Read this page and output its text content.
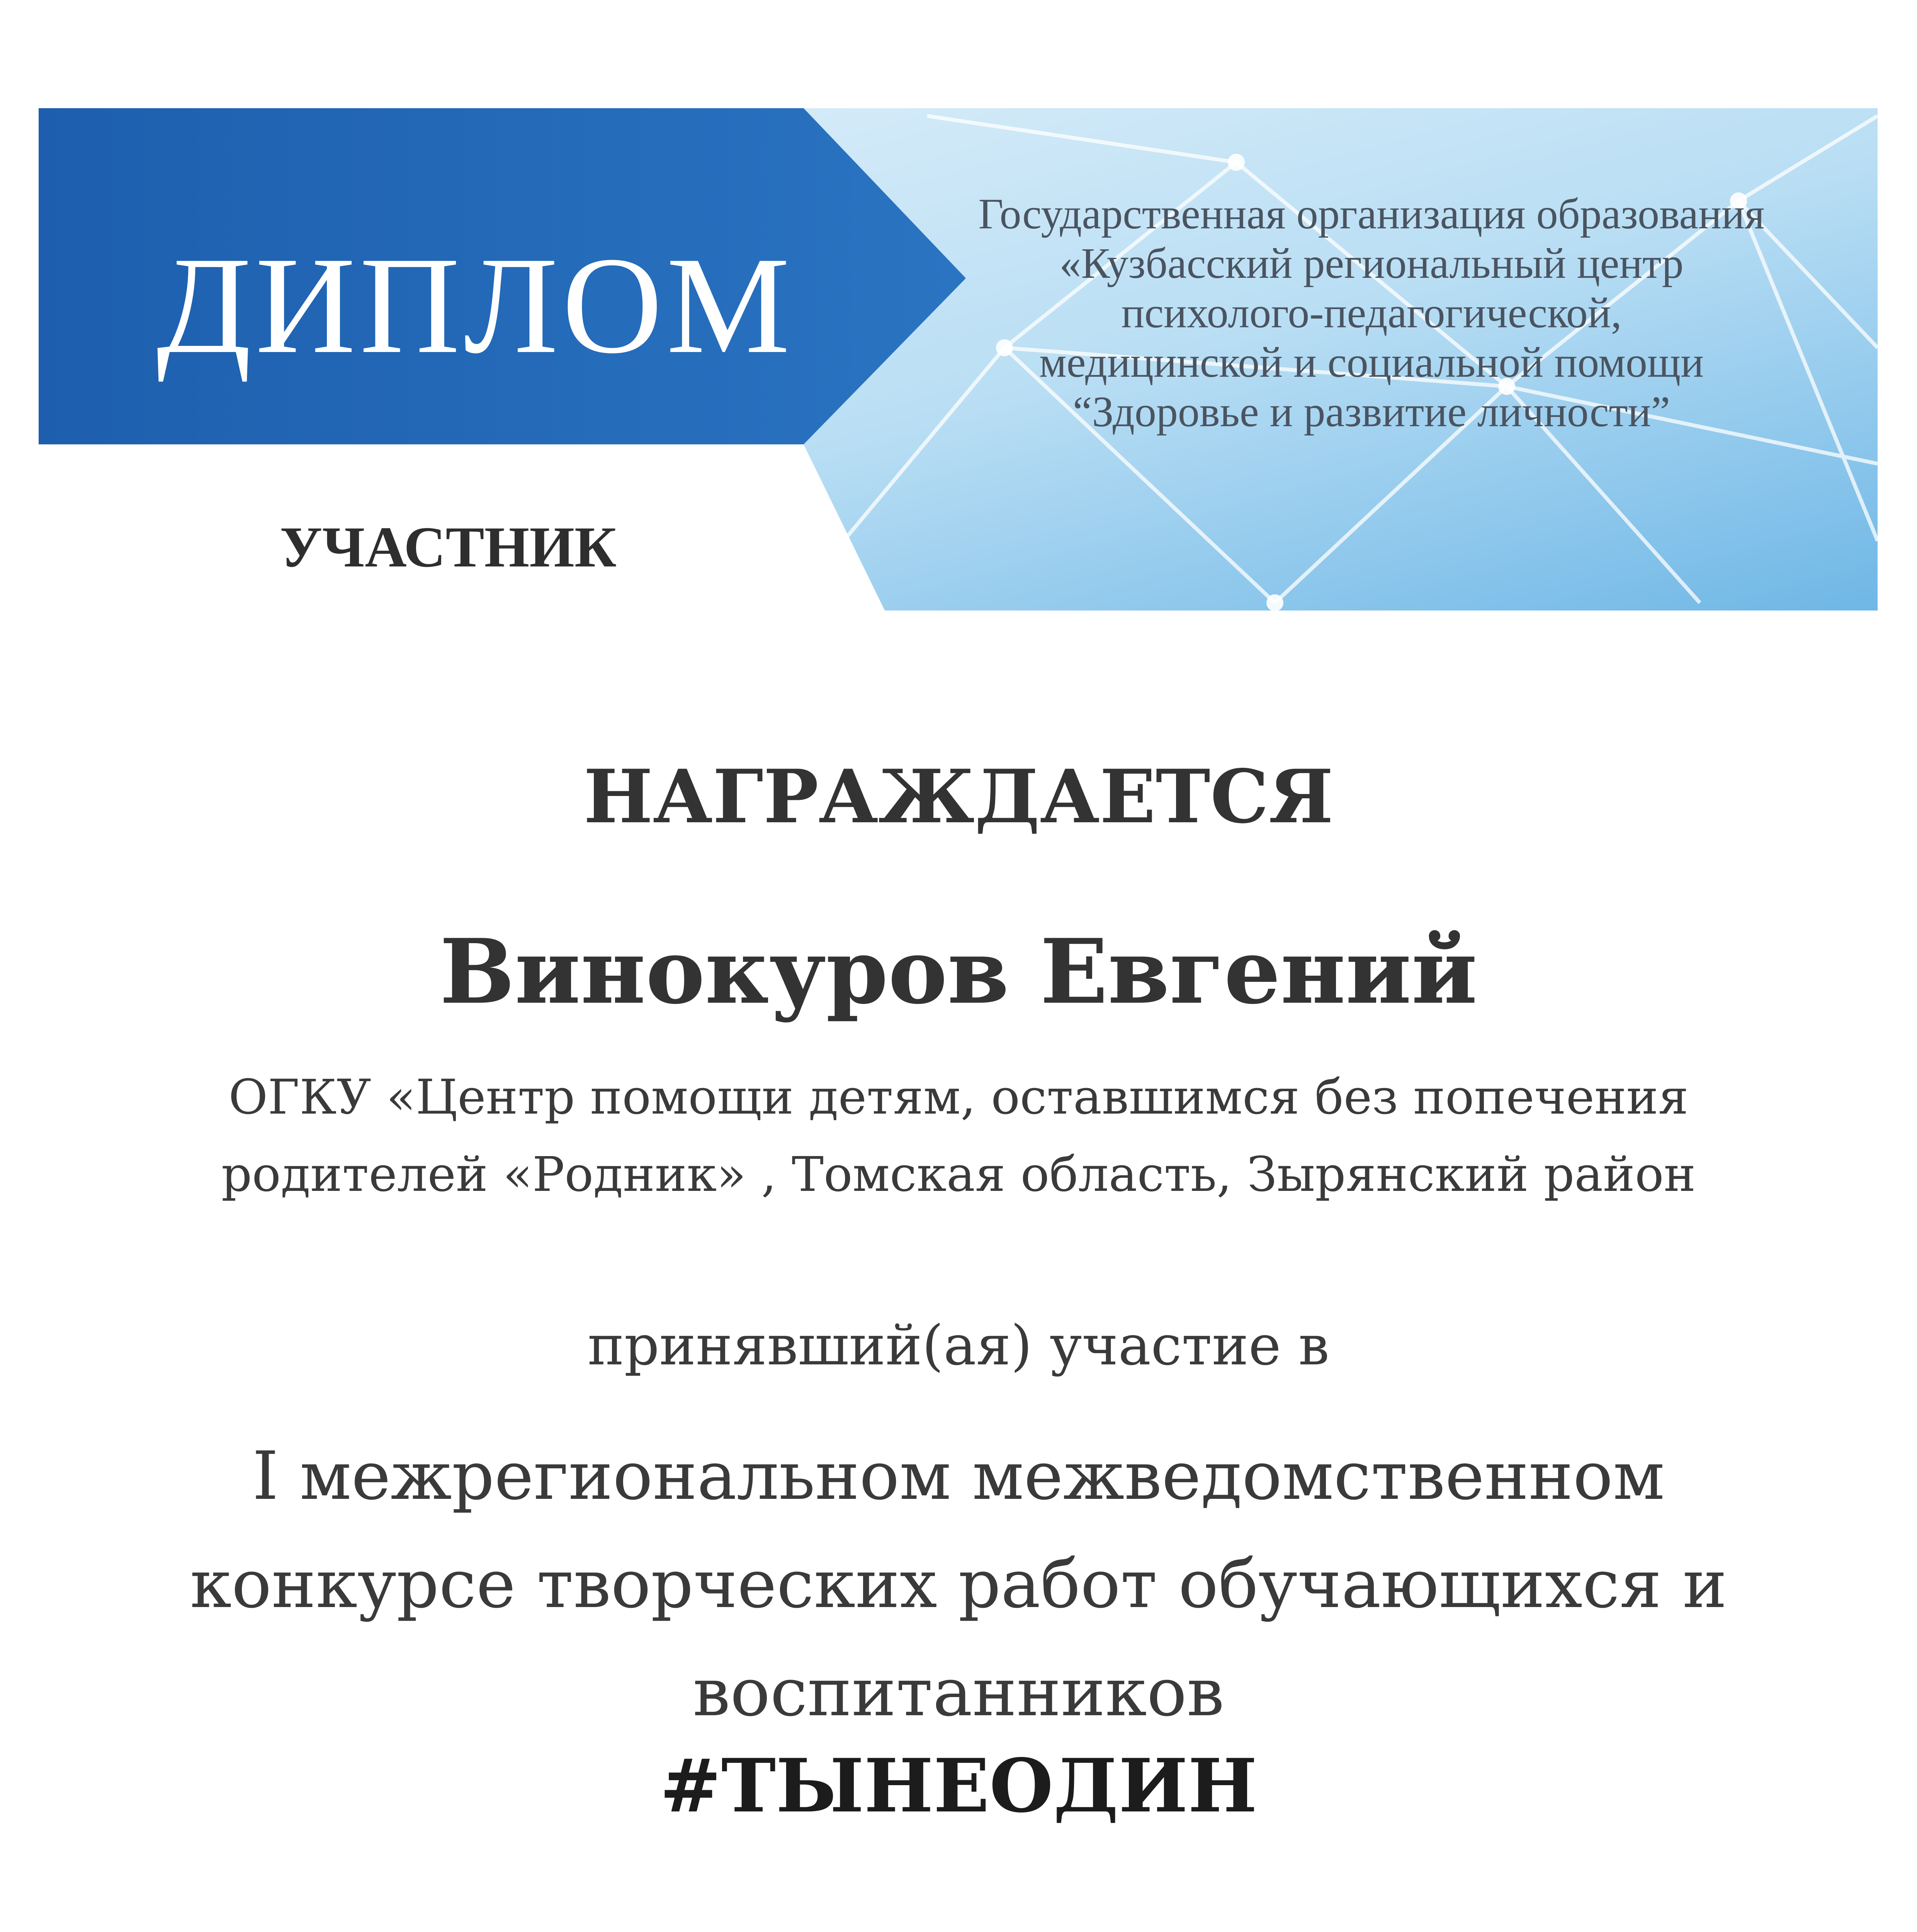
ДИПЛОМ
УЧАСТНИК
Государственная организация образования
«Кузбасский региональный центр
психолого-педагогической,
медицинской и социальной помощи
“Здоровье и развитие личности”
НАГРАЖДАЕТСЯ
Винокуров Евгений
ОГКУ «Центр помощи детям, оставшимся без попечения
родителей «Родник» , Томская область, Зырянский район
принявший(ая) участие в
I межрегиональном межведомственном
конкурсе творческих работ обучающихся и
воспитанников
#ТЫНЕОДИН
